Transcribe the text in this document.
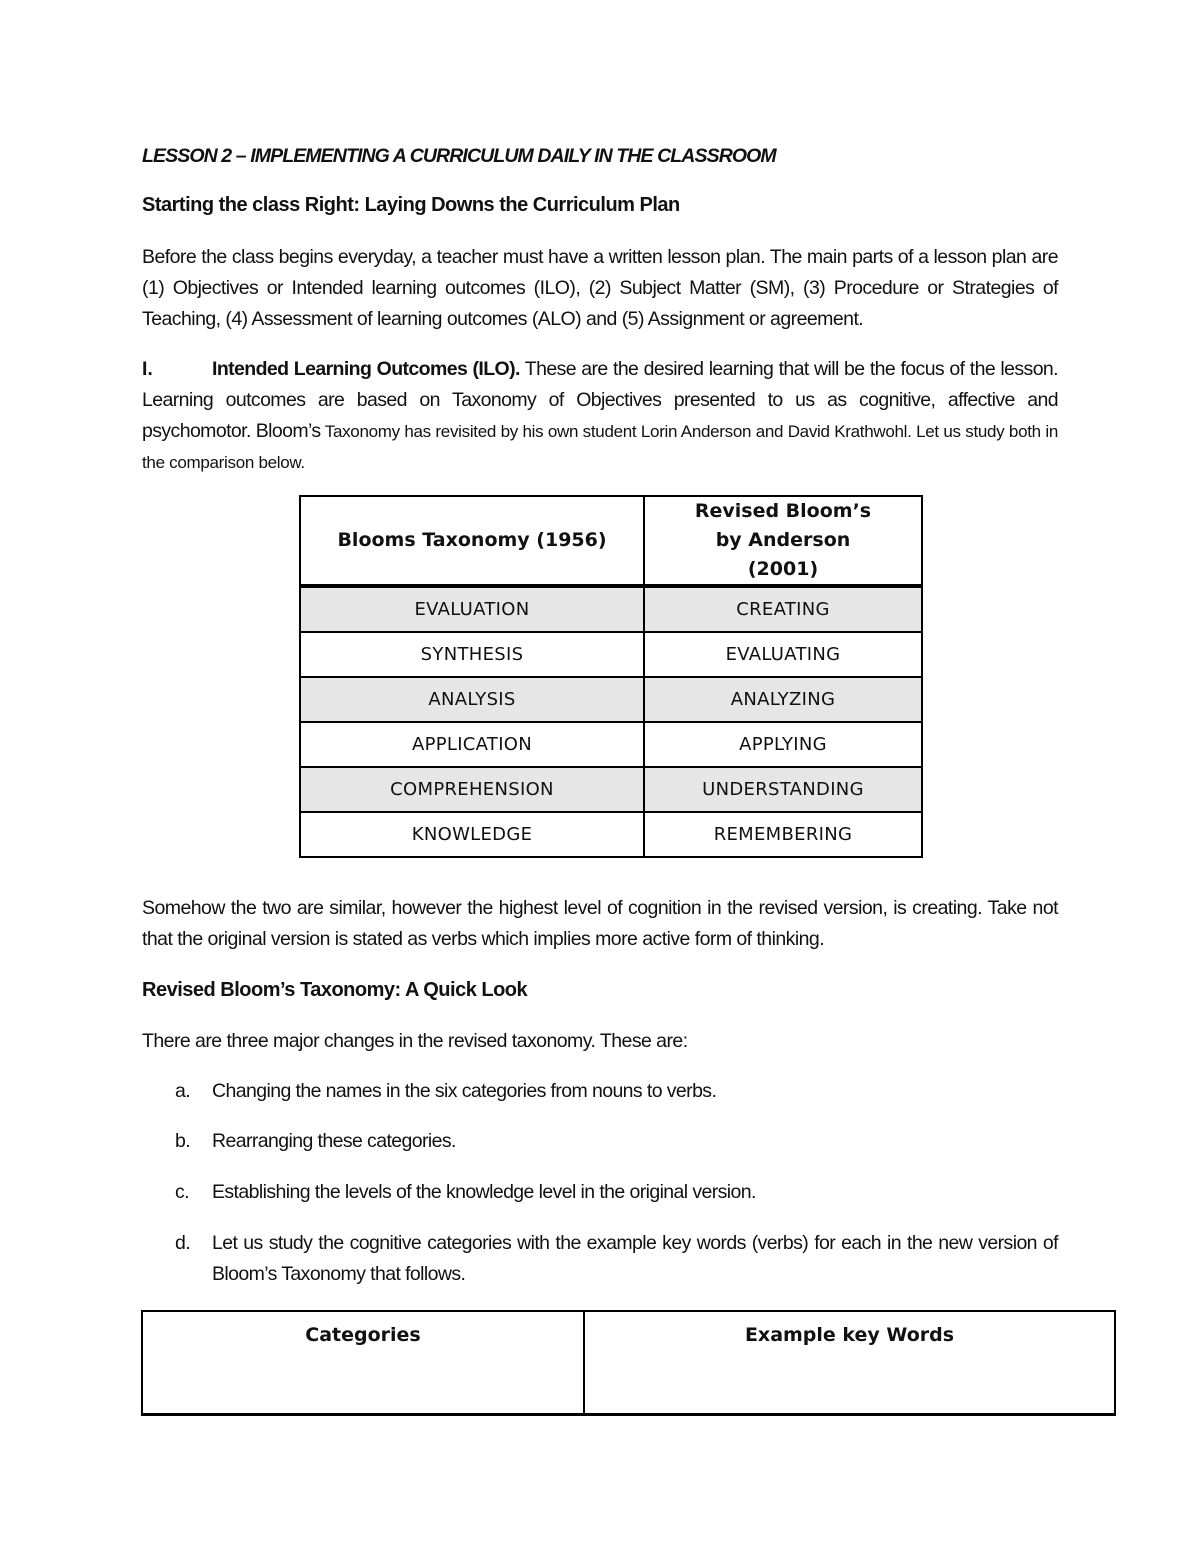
LESSON 2 – IMPLEMENTING A CURRICULUM DAILY IN THE CLASSROOM
Starting the class Right: Laying Downs the Curriculum Plan

Before the class begins everyday, a teacher must have a written lesson plan. The main parts of a lesson plan are (1) Objectives or Intended learning outcomes (ILO), (2) Subject Matter (SM), (3) Procedure or Strategies of Teaching, (4) Assessment of learning outcomes (ALO) and (5) Assignment or agreement.

I.	Intended Learning Outcomes (ILO). These are the desired learning that will be the focus of the lesson. Learning outcomes are based on Taxonomy of Objectives presented to us as cognitive, affective and psychomotor. Bloom’s Taxonomy has revisited by his own student Lorin Anderson and David Krathwohl. Let us study both in the comparison below.

Blooms Taxonomy (1956)	Revised Bloom’s by Anderson (2001)
EVALUATION	CREATING
SYNTHESIS	EVALUATING
ANALYSIS	ANALYZING
APPLICATION	APPLYING
COMPREHENSION	UNDERSTANDING
KNOWLEDGE	REMEMBERING

Somehow the two are similar, however the highest level of cognition in the revised version, is creating. Take not that the original version is stated as verbs which implies more active form of thinking.

Revised Bloom’s Taxonomy: A Quick Look

There are three major changes in the revised taxonomy. These are:

a. Changing the names in the six categories from nouns to verbs.
b. Rearranging these categories.
c. Establishing the levels of the knowledge level in the original version.
d. Let us study the cognitive categories with the example key words (verbs) for each in the new version of Bloom’s Taxonomy that follows.
Categories	Example key Words
